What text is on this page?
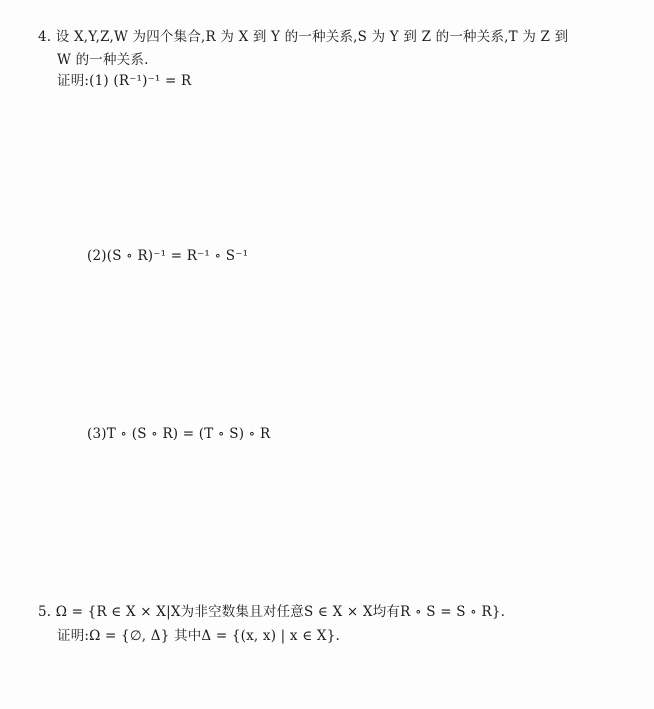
4. 设 X,Y,Z,W 为四个集合,R 为 X 到 Y 的一种关系,S 为 Y 到 Z 的一种关系,T 为 Z 到
W 的一种关系.
证明:(1) (R⁻¹)⁻¹ = R
(2)(S ∘ R)⁻¹ = R⁻¹ ∘ S⁻¹
(3)T ∘ (S ∘ R) = (T ∘ S) ∘ R
5. Ω = {R ∈ X × X|X为非空数集且对任意S ∈ X × X均有R ∘ S = S ∘ R}.
证明:Ω = {∅, Δ} 其中Δ = {(x, x) | x ∈ X}.
